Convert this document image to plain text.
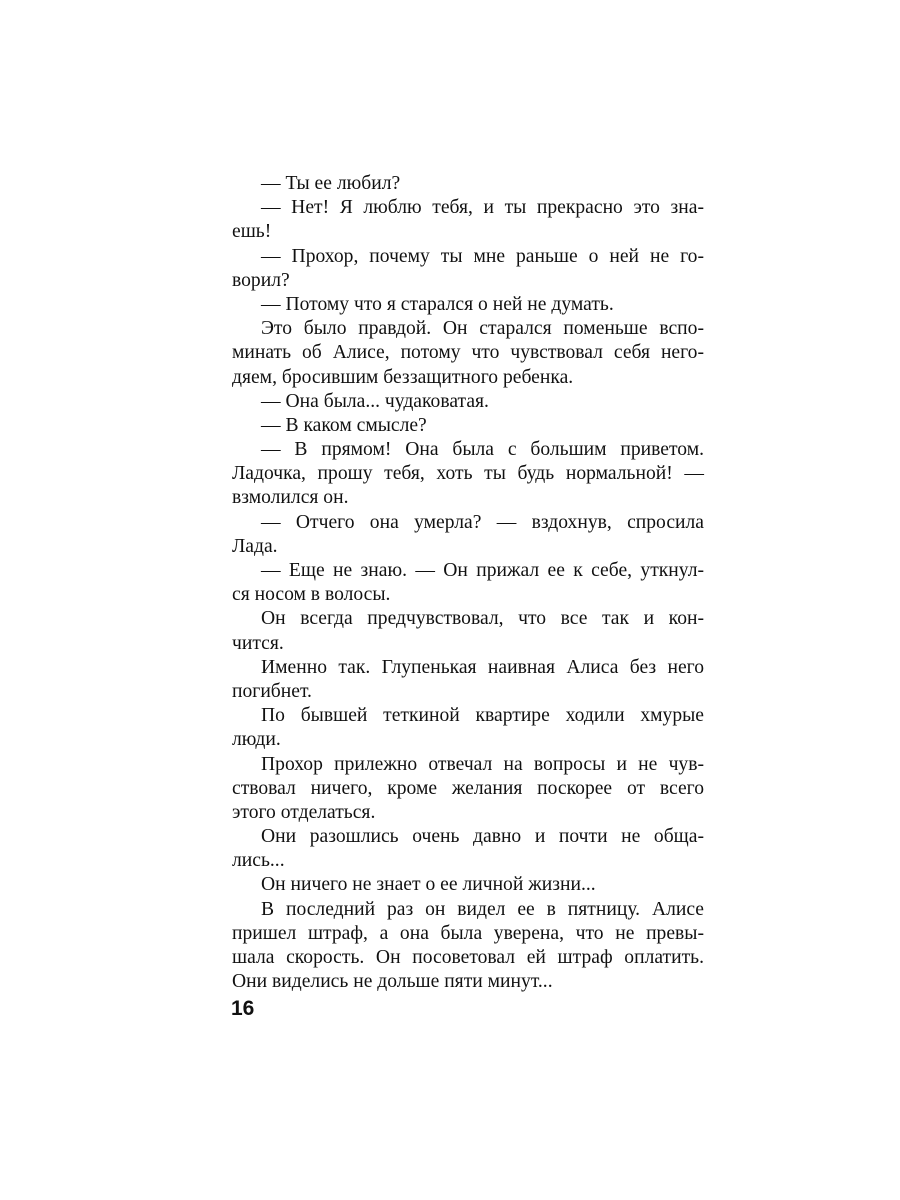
— Ты ее любил?
— Нет! Я люблю тебя, и ты прекрасно это зна-
ешь!
— Прохор, почему ты мне раньше о ней не го-
ворил?
— Потому что я старался о ней не думать.
Это было правдой. Он старался поменьше вспо-
минать об Алисе, потому что чувствовал себя него-
дяем, бросившим беззащитного ребенка.
— Она была... чудаковатая.
— В каком смысле?
— В прямом! Она была с большим приветом.
Ладочка, прошу тебя, хоть ты будь нормальной! —
взмолился он.
— Отчего она умерла? — вздохнув, спросила
Лада.
— Еще не знаю. — Он прижал ее к себе, уткнул-
ся носом в волосы.
Он всегда предчувствовал, что все так и кон-
чится.
Именно так. Глупенькая наивная Алиса без него
погибнет.
По бывшей теткиной квартире ходили хмурые
люди.
Прохор прилежно отвечал на вопросы и не чув-
ствовал ничего, кроме желания поскорее от всего
этого отделаться.
Они разошлись очень давно и почти не обща-
лись...
Он ничего не знает о ее личной жизни...
В последний раз он видел ее в пятницу. Алисе
пришел штраф, а она была уверена, что не превы-
шала скорость. Он посоветовал ей штраф оплатить.
Они виделись не дольше пяти минут...
16
